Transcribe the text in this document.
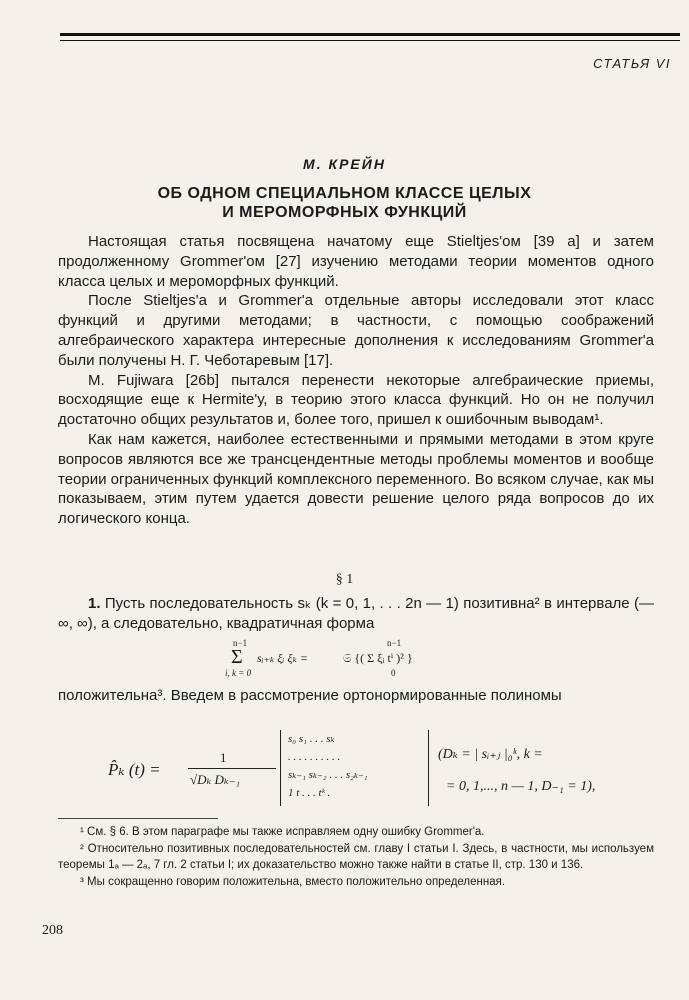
СТАТЬЯ VI
М. КРЕЙН
ОБ ОДНОМ СПЕЦИАЛЬНОМ КЛАССЕ ЦЕЛЫХ
И МЕРОМОРФНЫХ ФУНКЦИЙ

Настоящая статья посвящена начатому еще Stieltjes'ом [39 a] и затем продолженному Grommer'ом [27] изучению методами теории моментов одного класса целых и мероморфных функций.

После Stieltjes'а и Grommer'а отдельные авторы исследовали этот класс функций и другими методами; в частности, с помощью соображений алгебраического характера интересные дополнения к исследованиям Grommer'а были получены Н. Г. Чеботаревым [17].

M. Fujiwara [26b] пытался перенести некоторые алгебраические приемы, восходящие еще к Hermite'у, в теорию этого класса функций. Но он не получил достаточно общих результатов и, более того, пришел к ошибочным выводам¹.

Как нам кажется, наиболее естественными и прямыми методами в этом круге вопросов являются все же трансцендентные методы проблемы моментов и вообще теории ограниченных функций комплексного переменного. Во всяком случае, как мы показываем, этим путем удается довести решение целого ряда вопросов до их логического конца.

§ 1

1. Пусть последовательность sₖ (k = 0, 1, . . . 2n — 1) позитивна² в интервале (— ∞, ∞), а следовательно, квадратичная форма

n−1
Σ
i, k = 0
sᵢ₊ₖ ξᵢ ξₖ =	𝔖 {( Σ ξᵢ tⁱ )² }
n−1
0
положительна³. Введем в рассмотрение ортонормированные полиномы
P̂ₖ (t) =
1
√Dₖ Dₖ₋₁
s₀ s₁ . . . sₖ
. . . . . . . . . .
sₖ₋₁ sₖ₋₂ . . . s₂ₖ₋₁
1 t . . . tᵏ .
(Dₖ = | sᵢ₊ⱼ |₀ᵏ, k =
= 0, 1,..., n — 1, D₋₁ = 1),

¹ См. § 6. В этом параграфе мы также исправляем одну ошибку Grommer'а.

² Относительно позитивных последовательностей см. главу I статьи I. Здесь, в частности, мы используем теоремы 1ₐ — 2ₐ, 7 гл. 2 статьи I; их доказательство можно также найти в статье II, стр. 130 и 136.

³ Мы сокращенно говорим положительна, вместо положительно определенная.

208
